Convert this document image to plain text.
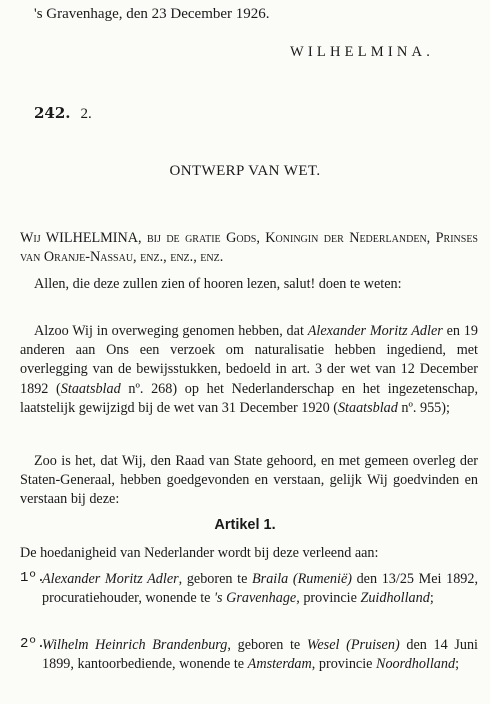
's Gravenhage, den 23 December 1926.
WILHELMINA.
242. 2.
ONTWERP VAN WET.
Wij WILHELMINA, bij de gratie Gods, Koningin der Nederlanden, Prinses van Oranje-Nassau, enz., enz., enz.
Allen, die deze zullen zien of hooren lezen, salut! doen te weten:
Alzoo Wij in overweging genomen hebben, dat Alexander Moritz Adler en 19 anderen aan Ons een verzoek om naturalisatie hebben ingediend, met overlegging van de bewijsstukken, bedoeld in art. 3 der wet van 12 December 1892 (Staatsblad nº. 268) op het Nederlanderschap en het ingezetenschap, laatstelijk gewijzigd bij de wet van 31 December 1920 (Staatsblad nº. 955);
Zoo is het, dat Wij, den Raad van State gehoord, en met gemeen overleg der Staten-Generaal, hebben goedgevonden en verstaan, gelijk Wij goedvinden en verstaan bij deze:
Artikel 1.
De hoedanigheid van Nederlander wordt bij deze verleend aan:
1º.
Alexander Moritz Adler, geboren te Braila (Rumenië) den 13/25 Mei 1892, procuratiehouder, wonende te 's Gravenhage, provincie Zuidholland;
2º.
Wilhelm Heinrich Brandenburg, geboren te Wesel (Pruisen) den 14 Juni 1899, kantoorbediende, wonende te Amsterdam, provincie Noordholland;
